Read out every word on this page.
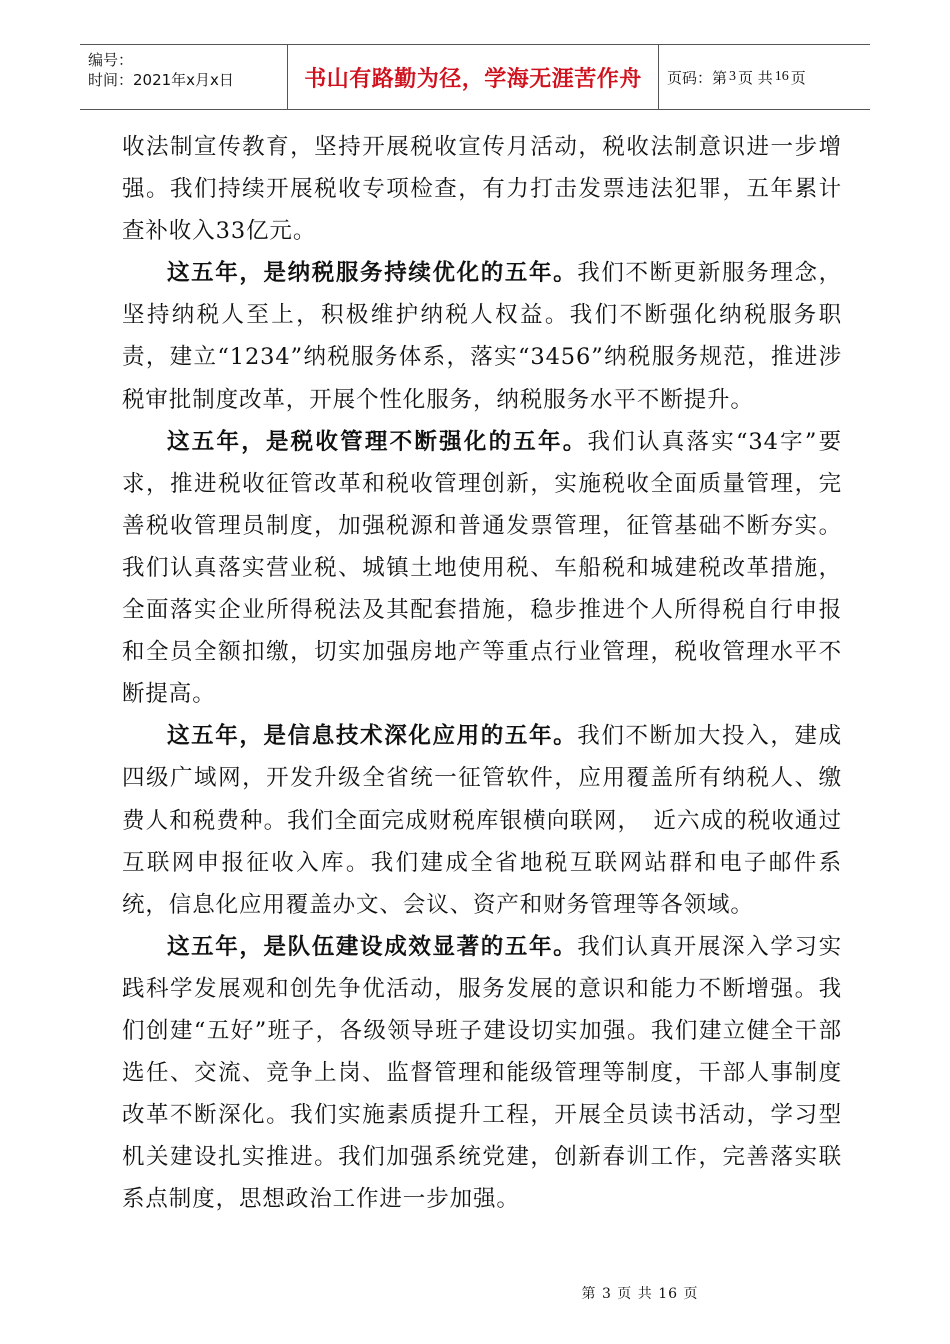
编号：
时间：2021年x月x日	书山有路勤为径，学海无涯苦作舟	页码：第 3 页 共 16 页

收法制宣传教育，坚持开展税收宣传月活动，税收法制意识进一步增强。我们持续开展税收专项检查，有力打击发票违法犯罪，五年累计查补收入33亿元。

这五年，是纳税服务持续优化的五年。我们不断更新服务理念，坚持纳税人至上，积极维护纳税人权益。我们不断强化纳税服务职责，建立“1234”纳税服务体系，落实“3456”纳税服务规范，推进涉税审批制度改革，开展个性化服务，纳税服务水平不断提升。

这五年，是税收管理不断强化的五年。我们认真落实“34字”要求，推进税收征管改革和税收管理创新，实施税收全面质量管理，完善税收管理员制度，加强税源和普通发票管理，征管基础不断夯实。我们认真落实营业税、城镇土地使用税、车船税和城建税改革措施，全面落实企业所得税法及其配套措施，稳步推进个人所得税自行申报和全员全额扣缴，切实加强房地产等重点行业管理，税收管理水平不断提高。

这五年，是信息技术深化应用的五年。我们不断加大投入，建成四级广域网，开发升级全省统一征管软件，应用覆盖所有纳税人、缴费人和税费种。我们全面完成财税库银横向联网，　近六成的税收通过互联网申报征收入库。我们建成全省地税互联网站群和电子邮件系统，信息化应用覆盖办文、会议、资产和财务管理等各领域。

这五年，是队伍建设成效显著的五年。我们认真开展深入学习实践科学发展观和创先争优活动，服务发展的意识和能力不断增强。我们创建“五好”班子，各级领导班子建设切实加强。我们建立健全干部选任、交流、竞争上岗、监督管理和能级管理等制度，干部人事制度改革不断深化。我们实施素质提升工程，开展全员读书活动，学习型机关建设扎实推进。我们加强系统党建，创新春训工作，完善落实联系点制度，思想政治工作进一步加强。

第 3 页 共 16 页
